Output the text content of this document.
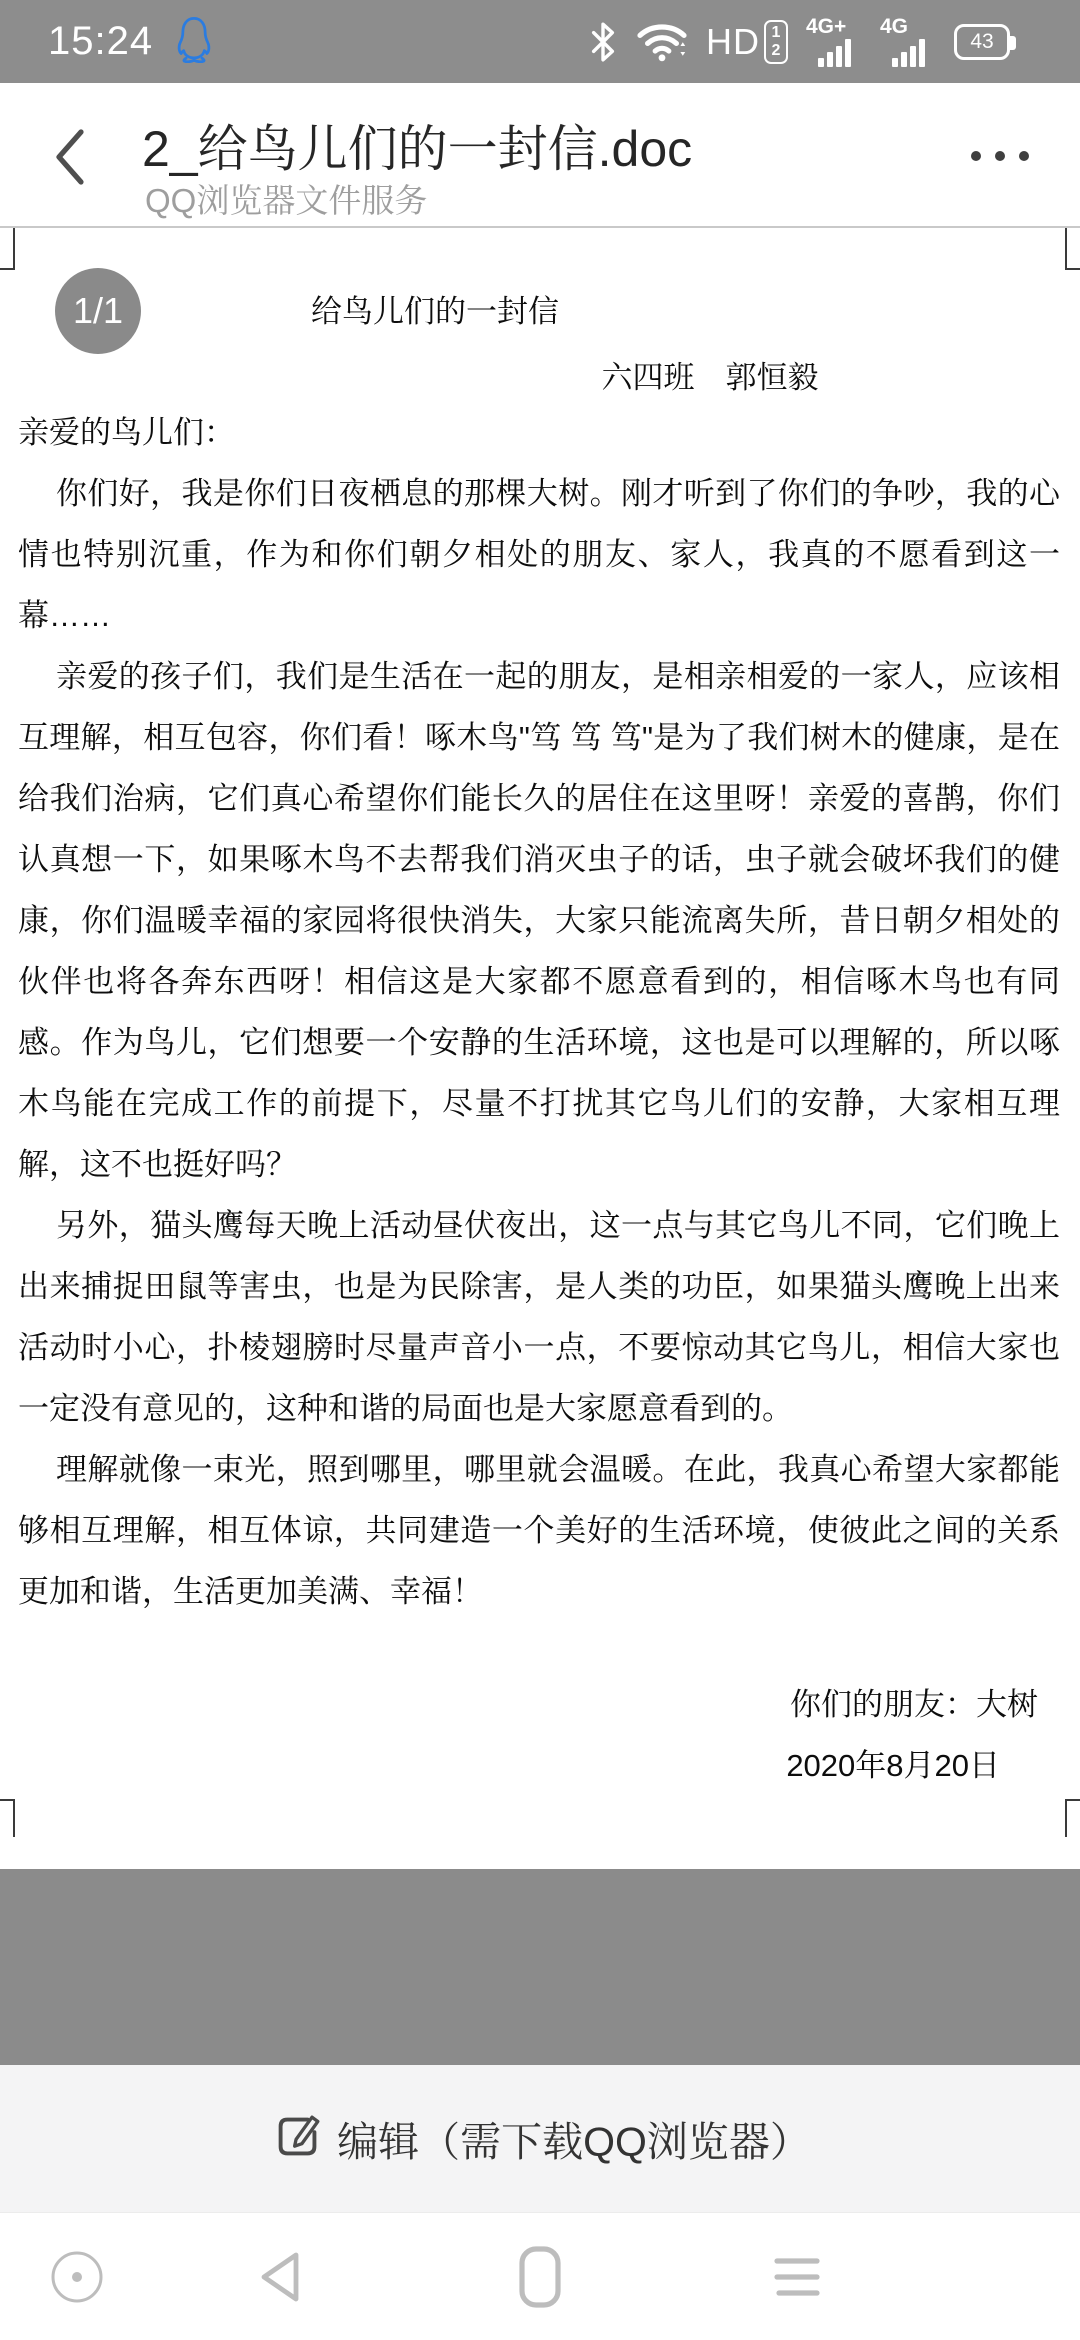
15:24	HD 1
2
4G+ 4G
43
2_给鸟儿们的一封信.doc
QQ浏览器文件服务
1/1	给鸟儿们的一封信
六四班　郭恒毅

亲爱的鸟儿们：

你们好，我是你们日夜栖息的那棵大树。刚才听到了你们的争吵，我的心情也特别沉重，作为和你们朝夕相处的朋友、家人，我真的不愿看到这一幕……

亲爱的孩子们，我们是生活在一起的朋友，是相亲相爱的一家人，应该相互理解，相互包容，你们看！啄木鸟"笃 笃 笃"是为了我们树木的健康，是在给我们治病，它们真心希望你们能长久的居住在这里呀！亲爱的喜鹊，你们认真想一下，如果啄木鸟不去帮我们消灭虫子的话，虫子就会破坏我们的健康，你们温暖幸福的家园将很快消失，大家只能流离失所，昔日朝夕相处的伙伴也将各奔东西呀！相信这是大家都不愿意看到的，相信啄木鸟也有同感。作为鸟儿，它们想要一个安静的生活环境，这也是可以理解的，所以啄木鸟能在完成工作的前提下，尽量不打扰其它鸟儿们的安静，大家相互理解，这不也挺好吗？

另外，猫头鹰每天晚上活动昼伏夜出，这一点与其它鸟儿不同，它们晚上出来捕捉田鼠等害虫，也是为民除害，是人类的功臣，如果猫头鹰晚上出来活动时小心，扑棱翅膀时尽量声音小一点，不要惊动其它鸟儿，相信大家也一定没有意见的，这种和谐的局面也是大家愿意看到的。

理解就像一束光，照到哪里，哪里就会温暖。在此，我真心希望大家都能够相互理解，相互体谅，共同建造一个美好的生活环境，使彼此之间的关系更加和谐，生活更加美满、幸福！

你们的朋友：大树

2020年8月20日

编辑（需下载QQ浏览器）
